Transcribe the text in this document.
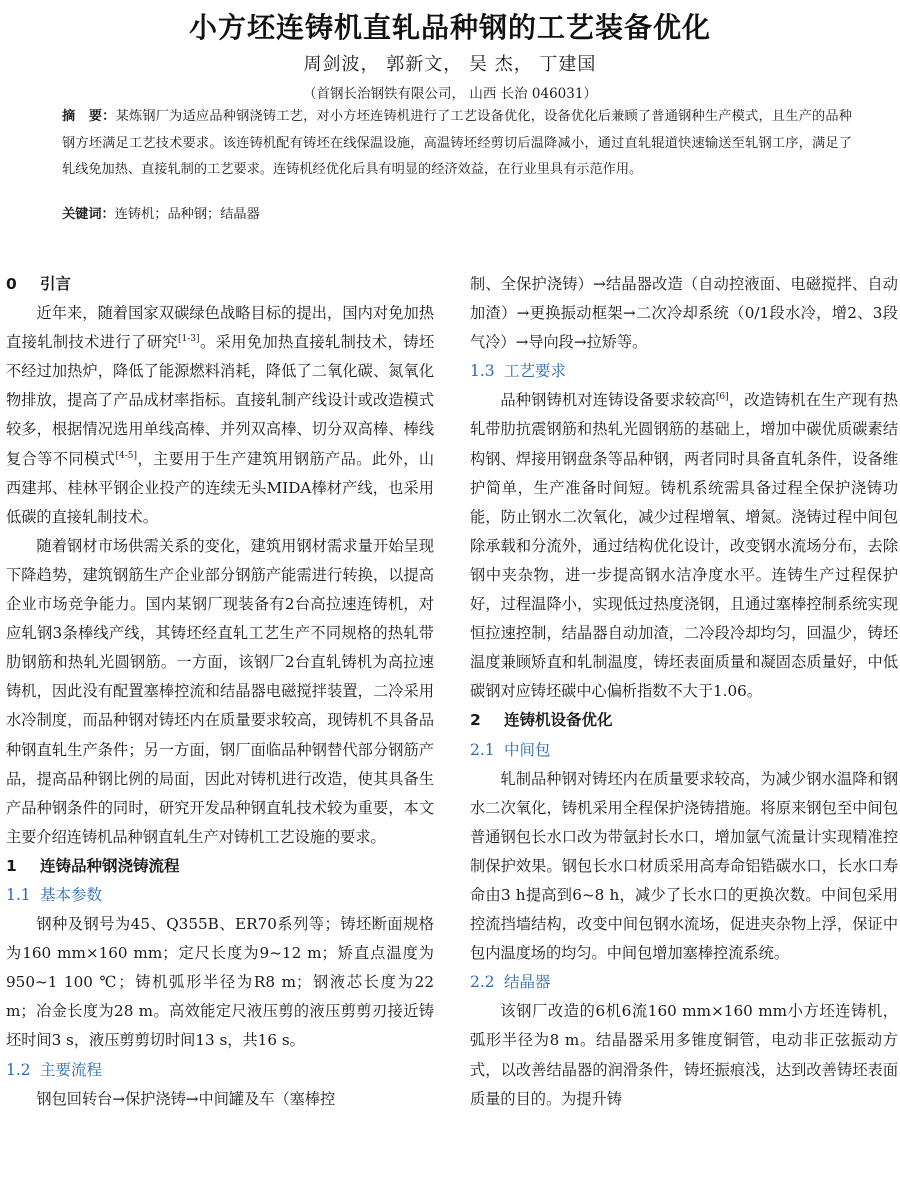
小方坯连铸机直轧品种钢的工艺装备优化
周剑波， 郭新文， 吴 杰， 丁建国
（首钢长治钢铁有限公司， 山西 长治 046031）
摘　要：某炼钢厂为适应品种钢浇铸工艺，对小方坯连铸机进行了工艺设备优化，设备优化后兼顾了普通钢种生产模式，且生产的品种钢方坯满足工艺技术要求。该连铸机配有铸坯在线保温设施，高温铸坯经剪切后温降减小，通过直轧辊道快速输送至轧钢工序，满足了轧线免加热、直接轧制的工艺要求。连铸机经优化后具有明显的经济效益，在行业里具有示范作用。
关键词：连铸机；品种钢；结晶器
0 引言

近年来，随着国家双碳绿色战略目标的提出，国内对免加热直接轧制技术进行了研究[1-3]。采用免加热直接轧制技术，铸坯不经过加热炉，降低了能源燃料消耗，降低了二氧化碳、氮氧化物排放，提高了产品成材率指标。直接轧制产线设计或改造模式较多，根据情况选用单线高棒、并列双高棒、切分双高棒、棒线复合等不同模式[4-5]，主要用于生产建筑用钢筋产品。此外，山西建邦、桂林平钢企业投产的连续无头MIDA棒材产线，也采用低碳的直接轧制技术。

随着钢材市场供需关系的变化，建筑用钢材需求量开始呈现下降趋势，建筑钢筋生产企业部分钢筋产能需进行转换，以提高企业市场竞争能力。国内某钢厂现装备有2台高拉速连铸机，对应轧钢3条棒线产线，其铸坯经直轧工艺生产不同规格的热轧带肋钢筋和热轧光圆钢筋。一方面，该钢厂2台直轧铸机为高拉速铸机，因此没有配置塞棒控流和结晶器电磁搅拌装置，二冷采用水冷制度，而品种钢对铸坯内在质量要求较高，现铸机不具备品种钢直轧生产条件；另一方面，钢厂面临品种钢替代部分钢筋产品，提高品种钢比例的局面，因此对铸机进行改造，使其具备生产品种钢条件的同时，研究开发品种钢直轧技术较为重要，本文主要介绍连铸机品种钢直轧生产对铸机工艺设施的要求。

1 连铸品种钢浇铸流程
1.1 基本参数

钢种及钢号为45、Q355B、ER70系列等；铸坯断面规格为160 mm×160 mm；定尺长度为9~12 m；矫直点温度为950~1 100 ℃；铸机弧形半径为R8 m；钢液芯长度为22 m；冶金长度为28 m。高效能定尺液压剪的液压剪剪刃接近铸坯时间3 s，液压剪剪切时间13 s，共16 s。

1.2 主要流程

钢包回转台→保护浇铸→中间罐及车（塞棒控

制、全保护浇铸）→结晶器改造（自动控液面、电磁搅拌、自动加渣）→更换振动框架→二次冷却系统（0/1段水冷，增2、3段气冷）→导向段→拉矫等。

1.3 工艺要求

品种钢铸机对连铸设备要求较高[6]，改造铸机在生产现有热轧带肋抗震钢筋和热轧光圆钢筋的基础上，增加中碳优质碳素结构钢、焊接用钢盘条等品种钢，两者同时具备直轧条件，设备维护简单，生产准备时间短。铸机系统需具备过程全保护浇铸功能，防止钢水二次氧化，减少过程增氧、增氮。浇铸过程中间包除承载和分流外，通过结构优化设计，改变钢水流场分布，去除钢中夹杂物，进一步提高钢水洁净度水平。连铸生产过程保护好，过程温降小，实现低过热度浇钢，且通过塞棒控制系统实现恒拉速控制，结晶器自动加渣，二冷段冷却均匀，回温少，铸坯温度兼顾矫直和轧制温度，铸坯表面质量和凝固态质量好，中低碳钢对应铸坯碳中心偏析指数不大于1.06。

2 连铸机设备优化
2.1 中间包

轧制品种钢对铸坯内在质量要求较高，为减少钢水温降和钢水二次氧化，铸机采用全程保护浇铸措施。将原来钢包至中间包普通钢包长水口改为带氩封长水口，增加氩气流量计实现精准控制保护效果。钢包长水口材质采用高寿命铝锆碳水口，长水口寿命由3 h提高到6~8 h，减少了长水口的更换次数。中间包采用控流挡墙结构，改变中间包钢水流场，促进夹杂物上浮，保证中包内温度场的均匀。中间包增加塞棒控流系统。

2.2 结晶器

该钢厂改造的6机6流160 mm×160 mm小方坯连铸机，弧形半径为8 m。结晶器采用多锥度铜管，电动非正弦振动方式，以改善结晶器的润滑条件，铸坯振痕浅，达到改善铸坯表面质量的目的。为提升铸
